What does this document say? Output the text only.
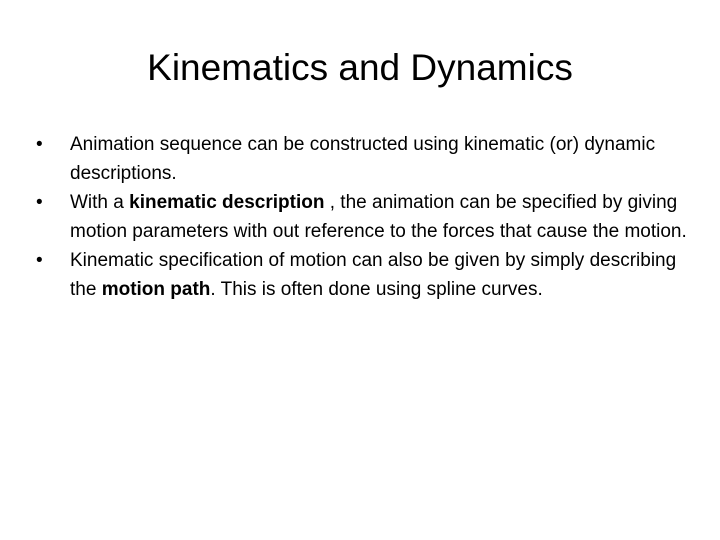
Kinematics and Dynamics
•	Animation sequence can be constructed using kinematic (or) dynamic descriptions.
•	With a kinematic description , the animation can be specified by giving motion parameters with out reference to the forces that cause the motion.
•	Kinematic specification of motion can also be given by simply describing the motion path. This is often done using spline curves.
